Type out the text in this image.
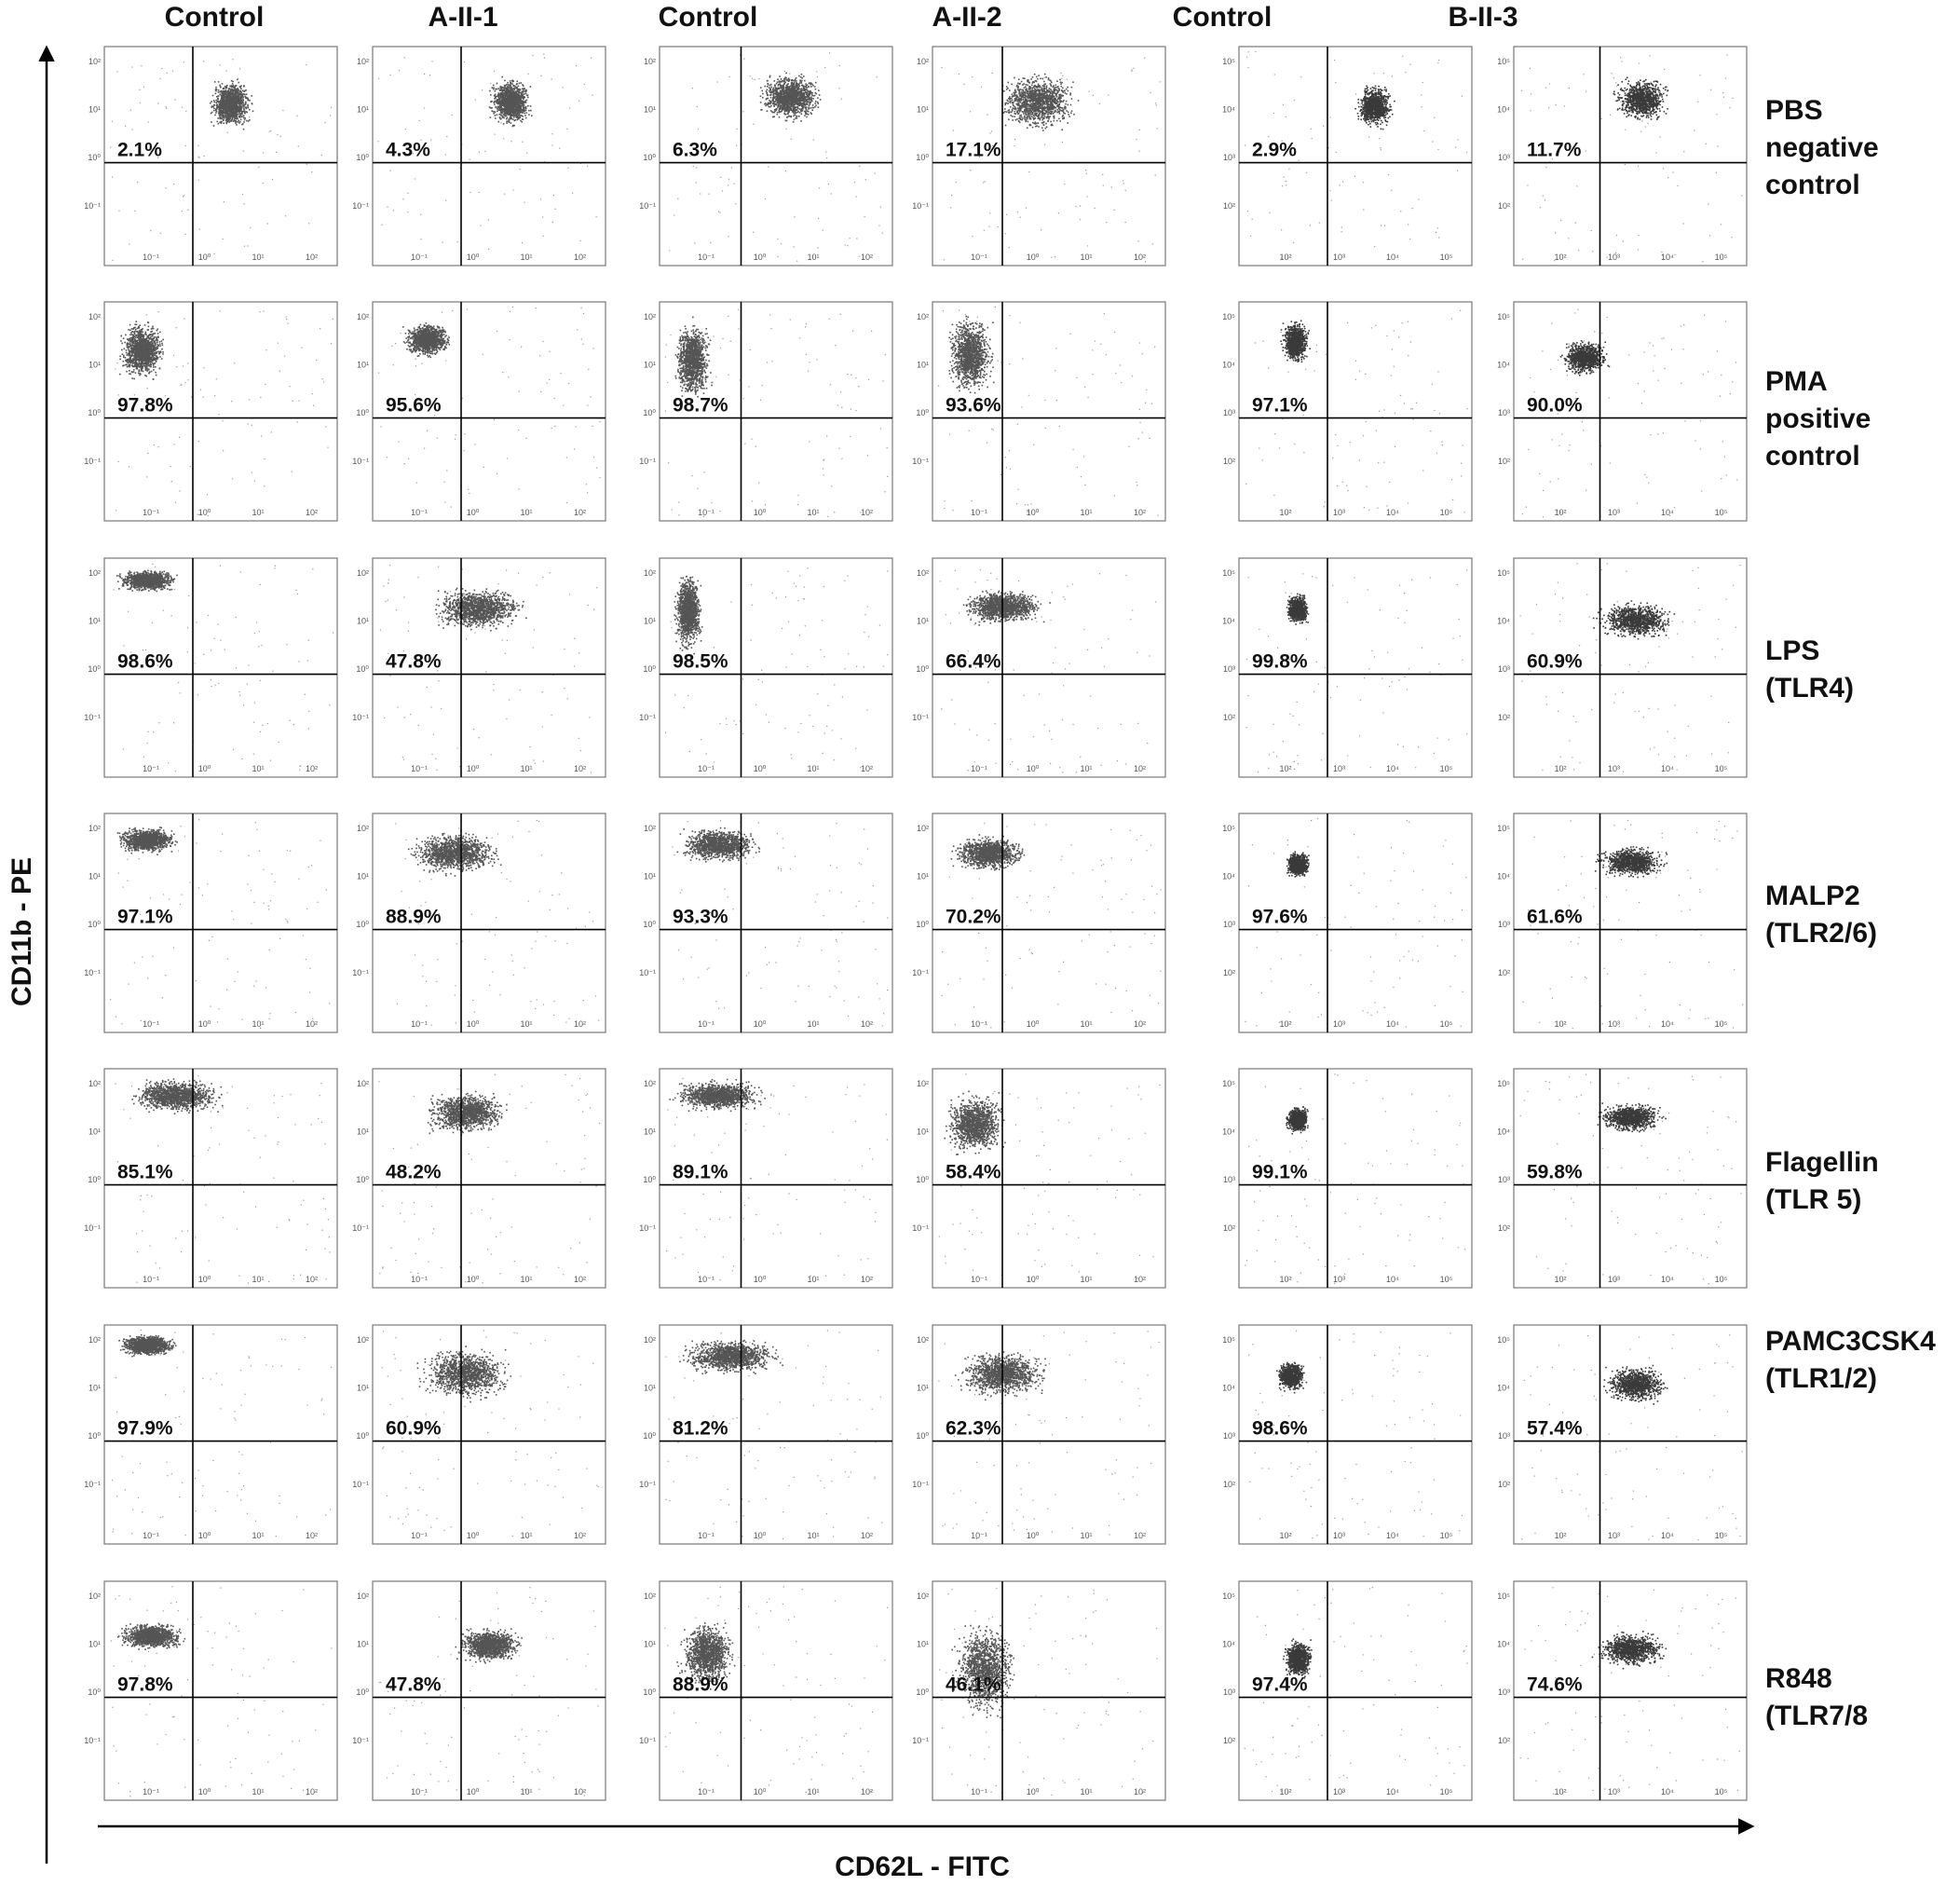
Control	A-II-1	Control	A-II-2	Control	B-II-3
PBS
negative
control
PMA
positive
control
LPS
(TLR4)
MALP2
(TLR2/6)
Flagellin
(TLR 5)
PAMC3CSK4
(TLR1/2)
R848
(TLR7/8
CD11b - PE
CD62L - FITC
10⁻¹	10⁰	10¹	10²
10²
10¹
10⁰
10⁻¹
2.1%
10⁻¹	10⁰	10¹	10²
10²
10¹
10⁰
10⁻¹
4.3%
10⁻¹	10⁰	10¹	10²
10²
10¹
10⁰
10⁻¹
6.3%
10⁻¹	10⁰	10¹	10²
10²
10¹
10⁰
10⁻¹
17.1%
10²	10³	10⁴	10⁵
10⁵
10⁴
10³
10²
2.9%
10²	10³	10⁴	10⁵
10⁵
10⁴
10³
10²
11.7%
10⁻¹	10⁰	10¹	10²
10²
10¹
10⁰
10⁻¹
97.8%
10⁻¹	10⁰	10¹	10²
10²
10¹
10⁰
10⁻¹
95.6%
10⁻¹	10⁰	10¹	10²
10²
10¹
10⁰
10⁻¹
98.7%
10⁻¹	10⁰	10¹	10²
10²
10¹
10⁰
10⁻¹
93.6%
10²	10³	10⁴	10⁵
10⁵
10⁴
10³
10²
97.1%
10²	10³	10⁴	10⁵
10⁵
10⁴
10³
10²
90.0%
10⁻¹	10⁰	10¹	10²
10²
10¹
10⁰
10⁻¹
98.6%
10⁻¹	10⁰	10¹	10²
10²
10¹
10⁰
10⁻¹
47.8%
10⁻¹	10⁰	10¹	10²
10²
10¹
10⁰
10⁻¹
98.5%
10⁻¹	10⁰	10¹	10²
10²
10¹
10⁰
10⁻¹
66.4%
10²	10³	10⁴	10⁵
10⁵
10⁴
10³
10²
99.8%
10²	10³	10⁴	10⁵
10⁵
10⁴
10³
10²
60.9%
10⁻¹	10⁰	10¹	10²
10²
10¹
10⁰
10⁻¹
97.1%
10⁻¹	10⁰	10¹	10²
10²
10¹
10⁰
10⁻¹
88.9%
10⁻¹	10⁰	10¹	10²
10²
10¹
10⁰
10⁻¹
93.3%
10⁻¹	10⁰	10¹	10²
10²
10¹
10⁰
10⁻¹
70.2%
10²	10³	10⁴	10⁵
10⁵
10⁴
10³
10²
97.6%
10²	10³	10⁴	10⁵
10⁵
10⁴
10³
10²
61.6%
10⁻¹	10⁰	10¹	10²
10²
10¹
10⁰
10⁻¹
85.1%
10⁻¹	10⁰	10¹	10²
10²
10¹
10⁰
10⁻¹
48.2%
10⁻¹	10⁰	10¹	10²
10²
10¹
10⁰
10⁻¹
89.1%
10⁻¹	10⁰	10¹	10²
10²
10¹
10⁰
10⁻¹
58.4%
10²	10³	10⁴	10⁵
10⁵
10⁴
10³
10²
99.1%
10²	10³	10⁴	10⁵
10⁵
10⁴
10³
10²
59.8%
10⁻¹	10⁰	10¹	10²
10²
10¹
10⁰
10⁻¹
97.9%
10⁻¹	10⁰	10¹	10²
10²
10¹
10⁰
10⁻¹
60.9%
10⁻¹	10⁰	10¹	10²
10²
10¹
10⁰
10⁻¹
81.2%
10⁻¹	10⁰	10¹	10²
10²
10¹
10⁰
10⁻¹
62.3%
10²	10³	10⁴	10⁵
10⁵
10⁴
10³
10²
98.6%
10²	10³	10⁴	10⁵
10⁵
10⁴
10³
10²
57.4%
10⁻¹	10⁰	10¹	10²
10²
10¹
10⁰
10⁻¹
97.8%
10⁻¹	10⁰	10¹	10²
10²
10¹
10⁰
10⁻¹
47.8%
10⁻¹	10⁰	10¹	10²
10²
10¹
10⁰
10⁻¹
88.9%
10⁻¹	10⁰	10¹	10²
10²
10¹
10⁰
10⁻¹
46.1%
10²	10³	10⁴	10⁵
10⁵
10⁴
10³
10²
97.4%
10²	10³	10⁴	10⁵
10⁵
10⁴
10³
10²
74.6%
